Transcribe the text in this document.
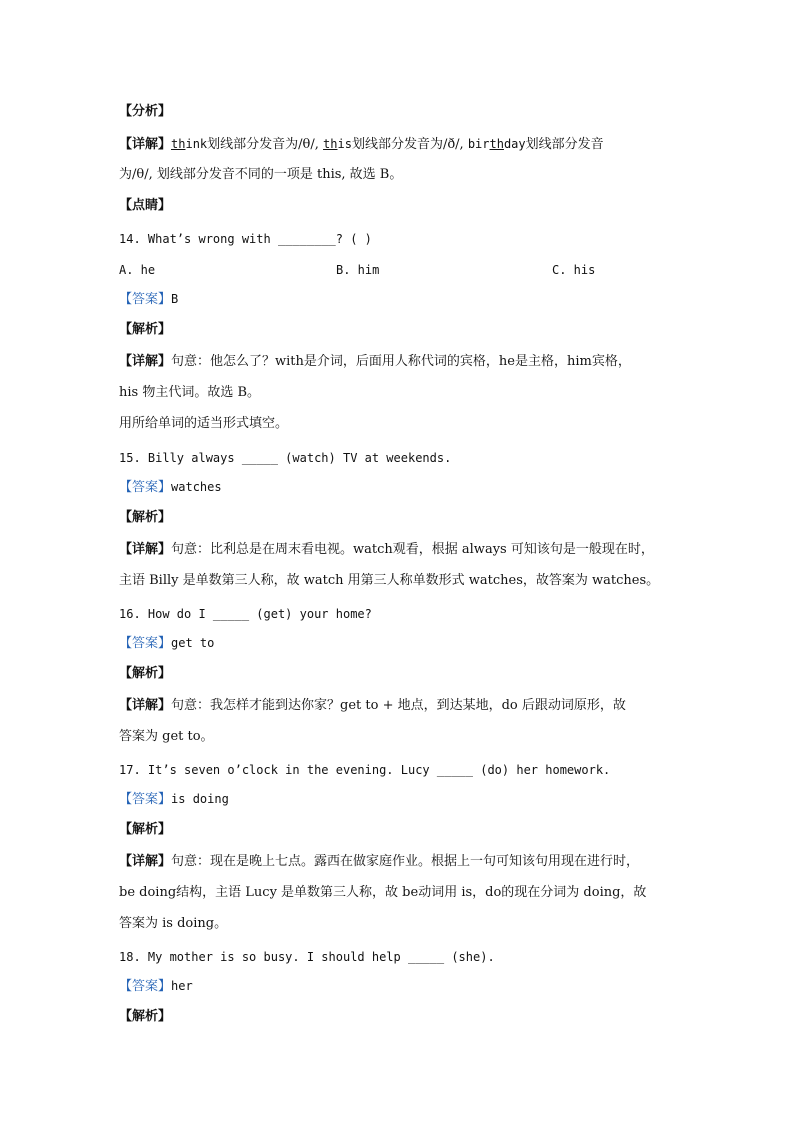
【分析】
【详解】think划线部分发音为/θ/, this划线部分发音为/ð/, birthday划线部分发音
为/θ/, 划线部分发音不同的一项是 this, 故选 B。
【点睛】
14. What’s wrong with ________? ( )
A. he	B. him	C. his
【答案】B
【解析】
【详解】句意：他怎么了？with是介词，后面用人称代词的宾格，he是主格，him宾格，
his 物主代词。故选 B。
用所给单词的适当形式填空。
15. Billy always _____ (watch) TV at weekends.
【答案】watches
【解析】
【详解】句意：比利总是在周末看电视。watch观看，根据 always 可知该句是一般现在时，
主语 Billy 是单数第三人称，故 watch 用第三人称单数形式 watches，故答案为 watches。
16. How do I _____ (get) your home?
【答案】get to
【解析】
【详解】句意：我怎样才能到达你家？get to + 地点，到达某地，do 后跟动词原形，故
答案为 get to。
17. It’s seven o’clock in the evening. Lucy _____ (do) her homework.
【答案】is doing
【解析】
【详解】句意：现在是晚上七点。露西在做家庭作业。根据上一句可知该句用现在进行时，
be doing结构，主语 Lucy 是单数第三人称，故 be动词用 is，do的现在分词为 doing，故
答案为 is doing。
18. My mother is so busy. I should help _____ (she).
【答案】her
【解析】
